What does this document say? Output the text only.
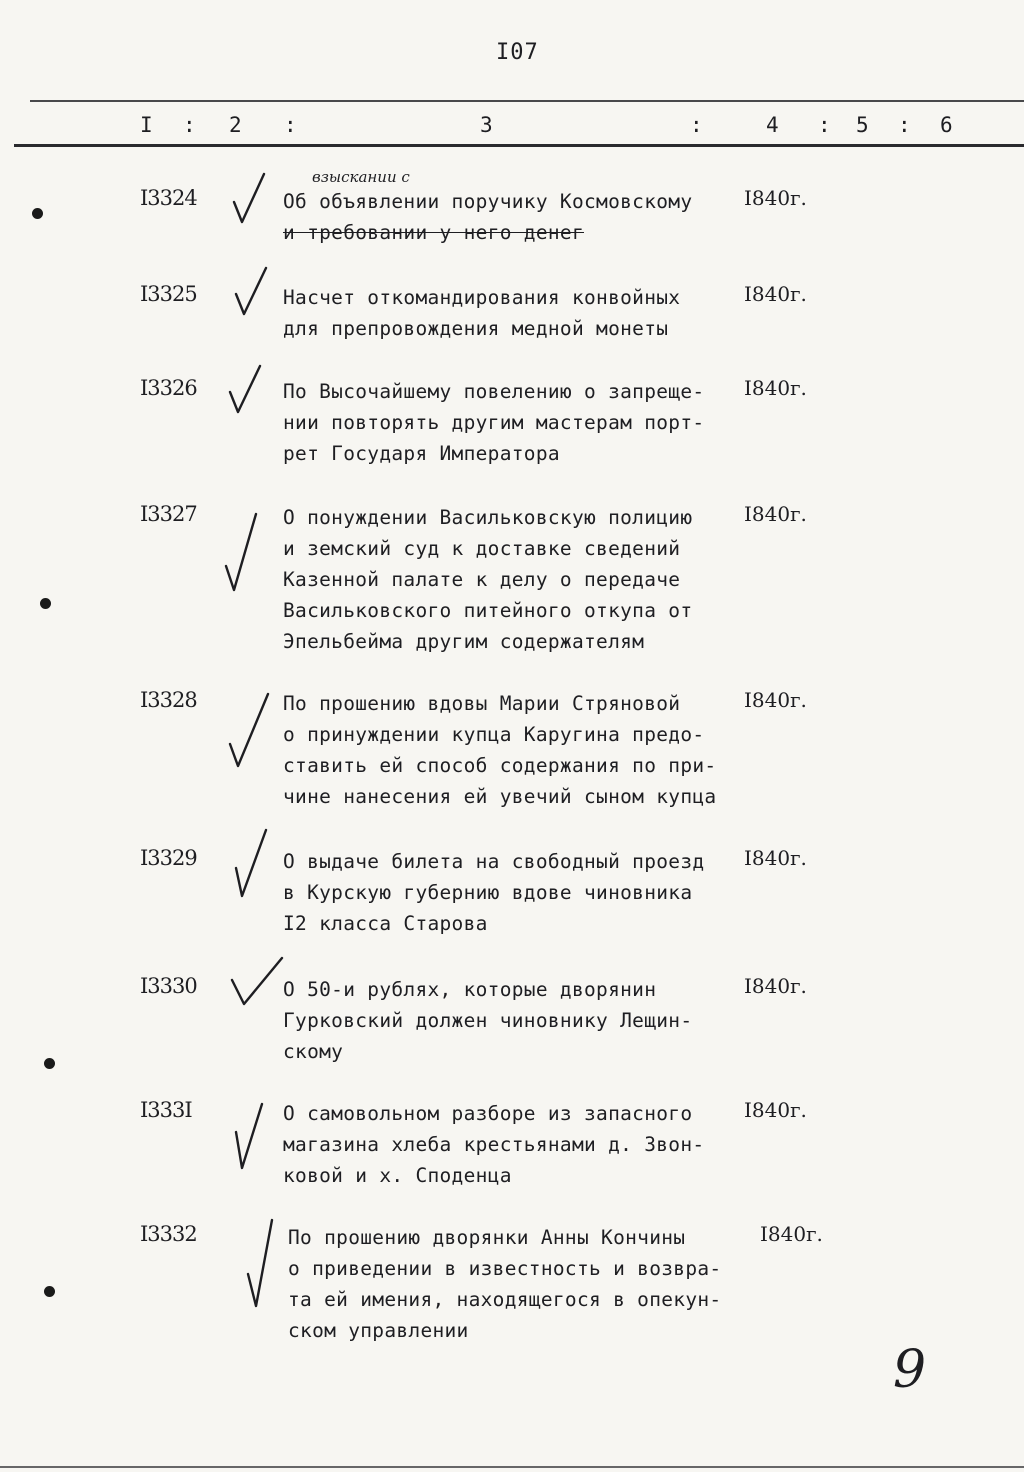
I07
I : 2 :	3	:	4 : 5 : 6
I3324	Об объявлении поручику Космовскому
и требовании у него денег
взыскании с
I840г.
I3325	Насчет откомандирования конвойных
для препровождения медной монеты
I840г.
I3326	По Высочайшему повелению о запреще-
нии повторять другим мастерам порт-
рет Государя Императора
I840г.
I3327	О понуждении Васильковскую полицию
и земский суд к доставке сведений
Казенной палате к делу о передаче
Васильковского питейного откупа от
Эпельбейма другим содержателям
I840г.
I3328	По прошению вдовы Марии Стряновой
о принуждении купца Каругина предо-
ставить ей способ содержания по при-
чине нанесения ей увечий сыном купца
I840г.
I3329	О выдаче билета на свободный проезд
в Курскую губернию вдове чиновника
I2 класса Старова
I840г.
I3330	О 50-и рублях, которые дворянин
Гурковский должен чиновнику Лещин-
скому
I840г.
I333I	О самовольном разборе из запасного
магазина хлеба крестьянами д. Звон-
ковой и х. Споденца
I840г.
I3332	По прошению дворянки Анны Кончины
о приведении в известность и возвра-
та ей имения, находящегося в опекун-
ском управлении
I840г.
9
